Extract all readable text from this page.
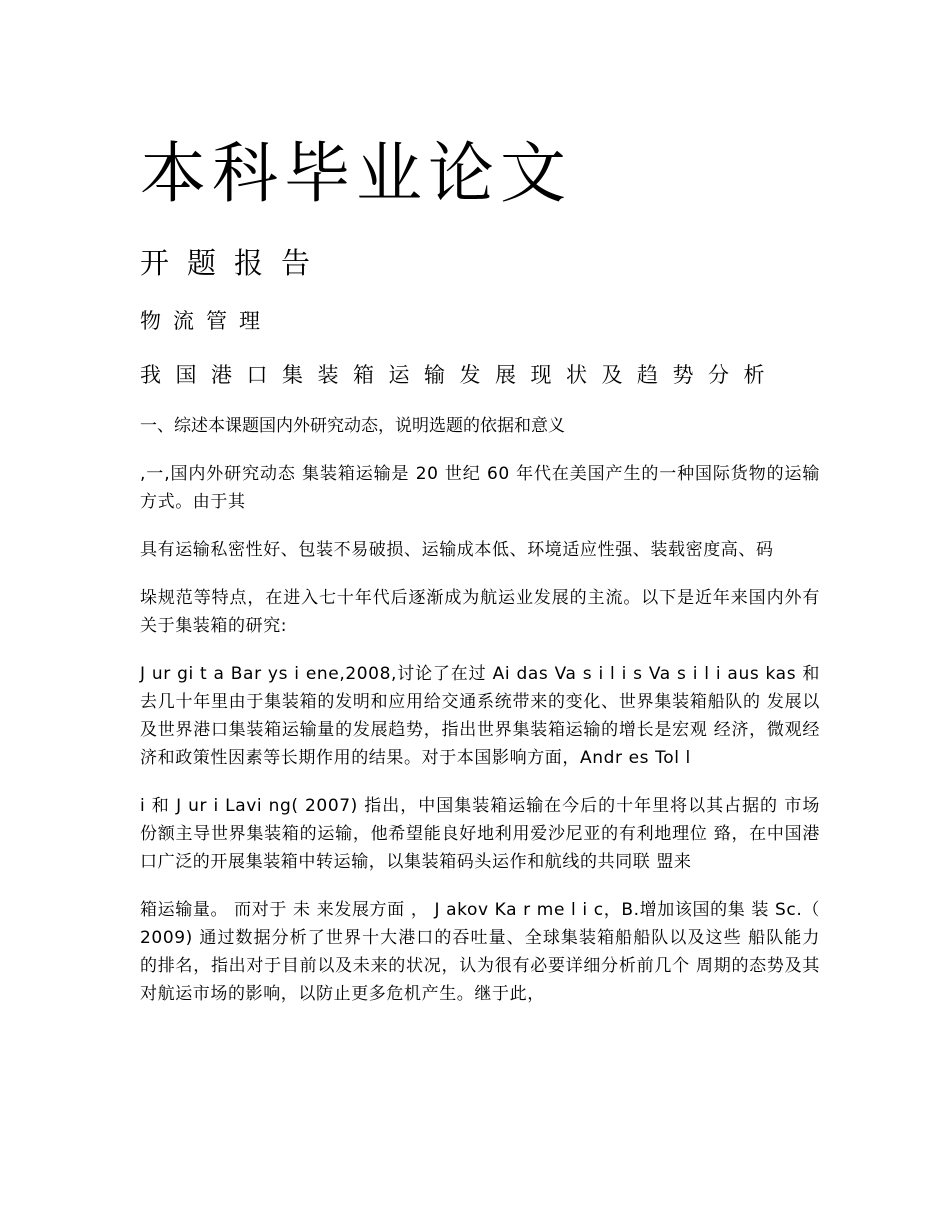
本科毕业论文
开题报告
物流管理
我国港口集装箱运输发展现状及趋势分析
一、综述本课题国内外研究动态，说明选题的依据和意义

,一,国内外研究动态 集装箱运输是 20 世纪 60 年代在美国产生的一种国际货物的运输方式。由于其

具有运输私密性好、包装不易破损、运输成本低、环境适应性强、装载密度高、码

垛规范等特点，在进入七十年代后逐渐成为航运业发展的主流。以下是近年来国内外有关于集装箱的研究:

J ur gi t a Bar ys i ene,2008,讨论了在过 Ai das Va s i l i s Va s i l i aus kas 和 去几十年里由于集装箱的发明和应用给交通系统带来的变化、世界集装箱船队的 发展以及世界港口集装箱运输量的发展趋势，指出世界集装箱运输的增长是宏观 经济，微观经济和政策性因素等长期作用的结果。对于本国影响方面，Andr es Tol l

i 和 J ur i Lavi ng( 2007) 指出，中国集装箱运输在今后的十年里将以其占据的 市场份额主导世界集装箱的运输，他希望能良好地利用爱沙尼亚的有利地理位 臵，在中国港口广泛的开展集装箱中转运输，以集装箱码头运作和航线的共同联 盟来

箱运输量。 而对于 未 来发展方面 ， J akov Ka r me l i c，B.增加该国的集 装 Sc.（ 2009) 通过数据分析了世界十大港口的吞吐量、全球集装箱船船队以及这些 船队能力的排名，指出对于目前以及未来的状况，认为很有必要详细分析前几个 周期的态势及其对航运市场的影响，以防止更多危机产生。继于此，
